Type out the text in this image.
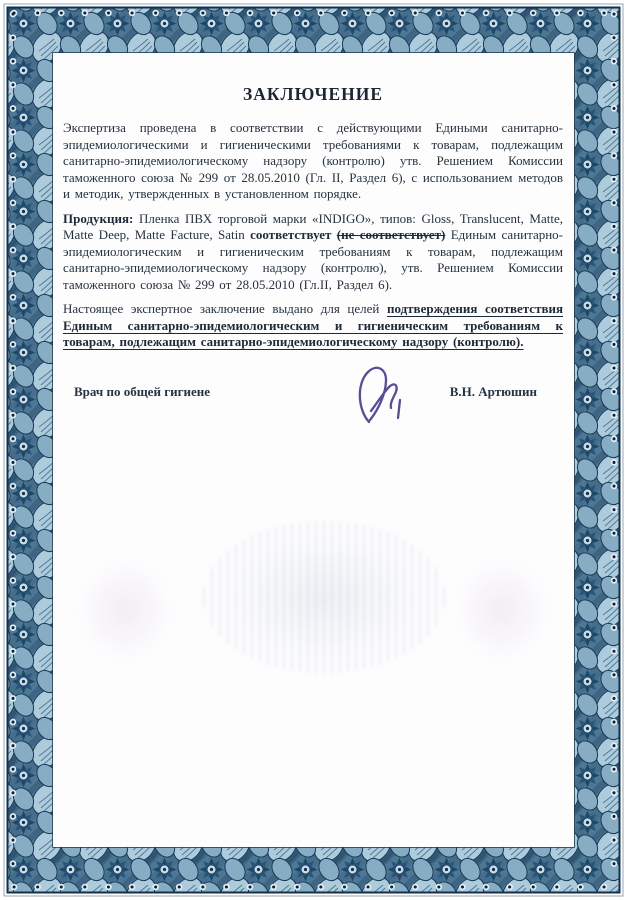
ЗАКЛЮЧЕНИЕ

Экспертиза проведена в соответствии с действующими Едиными санитарно-эпидемиологическими и гигиеническими требованиями к товарам, подлежащим санитарно-эпидемиологическому надзору (контролю) утв. Решением Комиссии таможенного союза № 299 от 28.05.2010 (Гл. II, Раздел 6), с использованием методов и методик, утвержденных в установленном порядке.

Продукция: Пленка ПВХ торговой марки «INDIGO», типов: Gloss, Translucent, Matte, Matte Deep, Matte Facture, Satin соответствует (не соответствует) Единым санитарно-эпидемиологическим и гигиеническим требованиям к товарам, подлежащим санитарно-эпидемиологическому надзору (контролю), утв. Решением Комиссии таможенного союза № 299 от 28.05.2010 (Гл.II, Раздел 6).

Настоящее экспертное заключение выдано для целей подтверждения соответствия Единым санитарно-эпидемиологическим и гигиеническим требованиям к товарам, подлежащим санитарно-эпидемиологическому надзору (контролю).

Врач по общей гигиене	В.Н. Артюшин
